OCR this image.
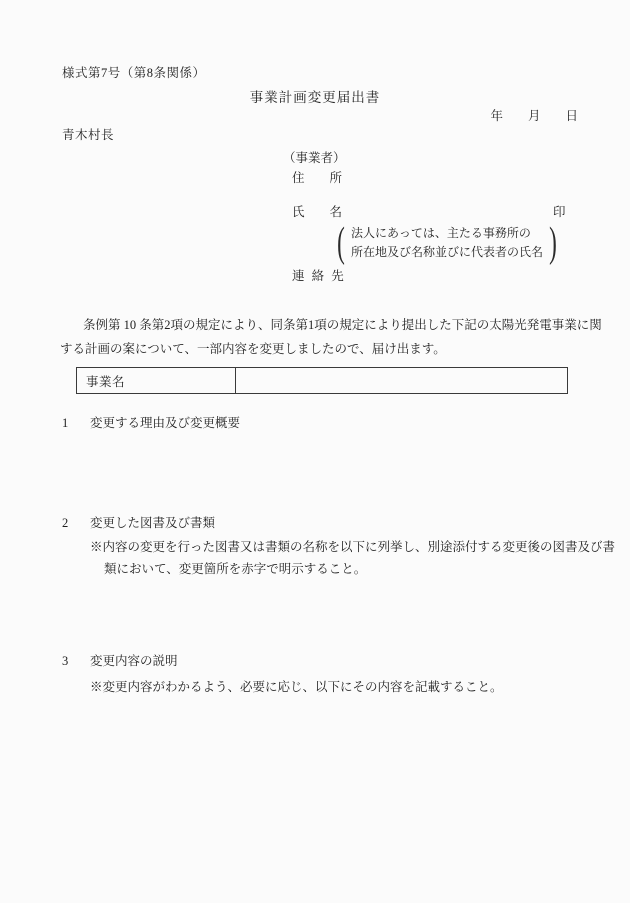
様式第7号（第8条関係）
事業計画変更届出書
年　　月　　日
青木村長
（事業者）
住　　所
氏　　名	印
( 法人にあっては、主たる事務所の
所在地及び名称並びに代表者の氏名 )
連 絡 先
条例第 10 条第2項の規定により、同条第1項の規定により提出した下記の太陽光発電事業に関
する計画の案について、一部内容を変更しましたので、届け出ます。
事業名
1 変更する理由及び変更概要
2 変更した図書及び書類
※内容の変更を行った図書又は書類の名称を以下に列挙し、別途添付する変更後の図書及び書
類において、変更箇所を赤字で明示すること。
3 変更内容の説明
※変更内容がわかるよう、必要に応じ、以下にその内容を記載すること。
